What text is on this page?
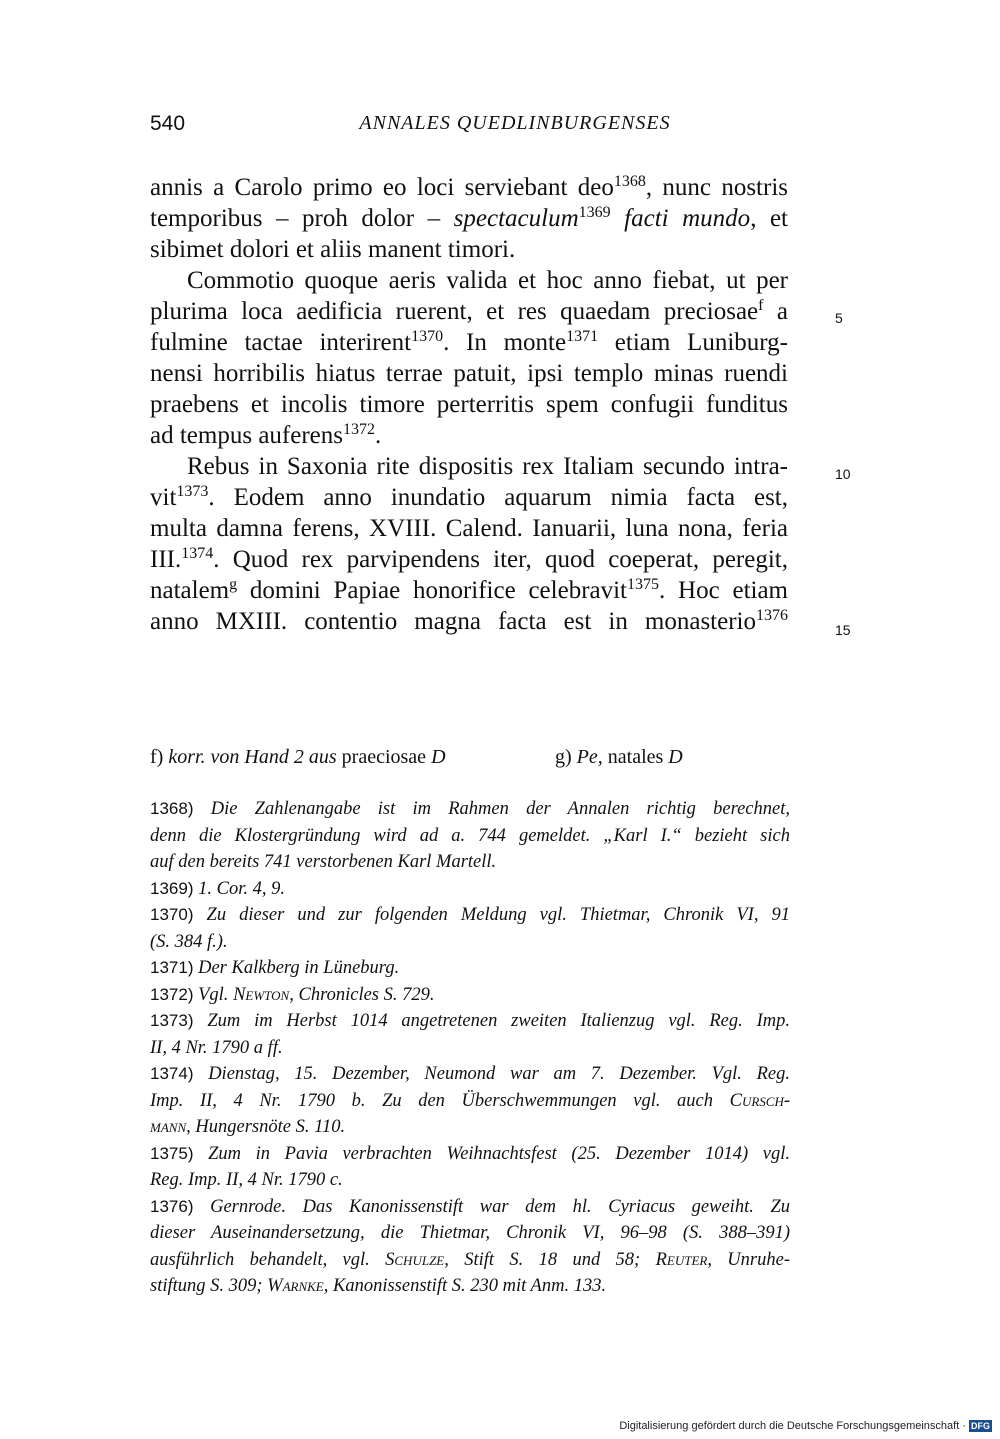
540	ANNALES QUEDLINBURGENSES
annis a Carolo primo eo loci serviebant deo$^{1368}$, nunc nostris
temporibus – proh dolor – spectaculum$^{1369}$ facti mundo, et
sibimet dolori et aliis manent timori.
Commotio quoque aeris valida et hoc anno fiebat, ut per
plurima loca aedificia ruerent, et res quaedam preciosae$^f$ a
fulmine tactae interirent$^{1370}$. In monte$^{1371}$ etiam Luniburg-
nensi horribilis hiatus terrae patuit, ipsi templo minas ruendi
praebens et incolis timore perterritis spem confugii funditus
ad tempus auferens$^{1372}$.
Rebus in Saxonia rite dispositis rex Italiam secundo intra-
vit$^{1373}$. Eodem anno inundatio aquarum nimia facta est,
multa damna ferens, XVIII. Calend. Ianuarii, luna nona, feria
III.$^{1374}$. Quod rex parvipendens iter, quod coeperat, peregit,
natalem$^g$ domini Papiae honorifice celebravit$^{1375}$. Hoc etiam
anno MXIII. contentio magna facta est in monasterio$^{1376}$
5
10
15
f) korr. von Hand 2 aus praeciosae D	g) Pe, natales D
1368) Die Zahlenangabe ist im Rahmen der Annalen richtig berechnet,
denn die Klostergründung wird ad a. 744 gemeldet. „Karl I.“ bezieht sich
auf den bereits 741 verstorbenen Karl Martell.
1369) 1. Cor. 4, 9.
1370) Zu dieser und zur folgenden Meldung vgl. Thietmar, Chronik VI, 91
(S. 384 f.).
1371) Der Kalkberg in Lüneburg.
1372) Vgl. Newton, Chronicles S. 729.
1373) Zum im Herbst 1014 angetretenen zweiten Italienzug vgl. Reg. Imp.
II, 4 Nr. 1790 a ff.
1374) Dienstag, 15. Dezember, Neumond war am 7. Dezember. Vgl. Reg.
Imp. II, 4 Nr. 1790 b. Zu den Überschwemmungen vgl. auch Cursch-
mann, Hungersnöte S. 110.
1375) Zum in Pavia verbrachten Weihnachtsfest (25. Dezember 1014) vgl.
Reg. Imp. II, 4 Nr. 1790 c.
1376) Gernrode. Das Kanonissenstift war dem hl. Cyriacus geweiht. Zu
dieser Auseinandersetzung, die Thietmar, Chronik VI, 96–98 (S. 388–391)
ausführlich behandelt, vgl. Schulze, Stift S. 18 und 58; Reuter, Unruhe-
stiftung S. 309; Warnke, Kanonissenstift S. 230 mit Anm. 133.
Digitalisierung gefördert durch die Deutsche Forschungsgemeinschaft · DFG
